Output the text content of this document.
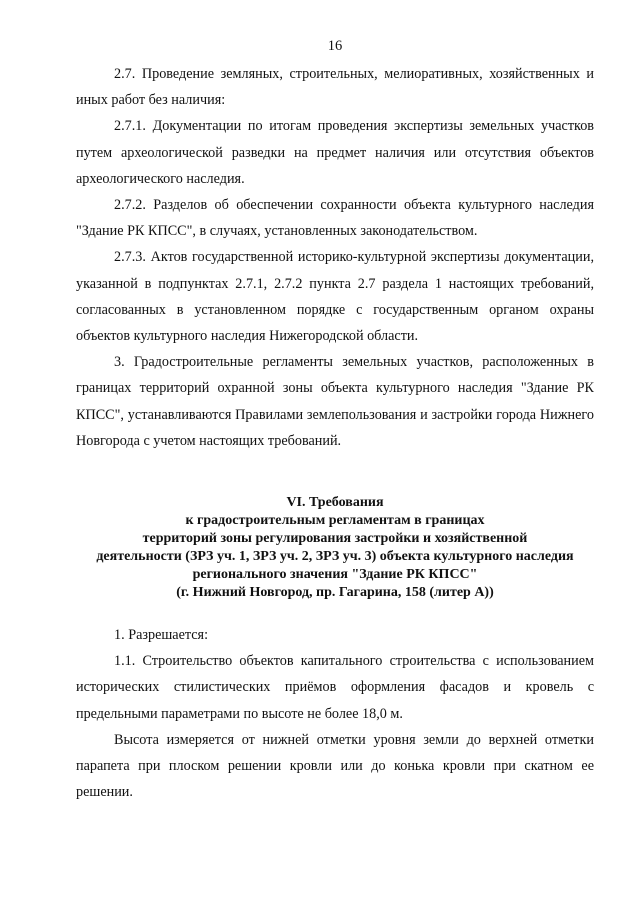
16

2.7. Проведение земляных, строительных, мелиоративных, хозяйственных и иных работ без наличия:

2.7.1. Документации по итогам проведения экспертизы земельных участков путем археологической разведки на предмет наличия или отсутствия объектов археологического наследия.

2.7.2. Разделов об обеспечении сохранности объекта культурного наследия "Здание РК КПСС", в случаях, установленных законодательством.

2.7.3. Актов государственной историко-культурной экспертизы документации, указанной в подпунктах 2.7.1, 2.7.2 пункта 2.7 раздела 1 настоящих требований, согласованных в установленном порядке с государственным органом охраны объектов культурного наследия Нижегородской области.

3. Градостроительные регламенты земельных участков, расположенных в границах территорий охранной зоны объекта культурного наследия "Здание РК КПСС", устанавливаются Правилами землепользования и застройки города Нижнего Новгорода с учетом настоящих требований.

VI. Требования
к градостроительным регламентам в границах
территорий зоны регулирования застройки и хозяйственной
деятельности (ЗРЗ уч. 1, ЗРЗ уч. 2, ЗРЗ уч. 3) объекта культурного наследия
регионального значения "Здание РК КПСС"
(г. Нижний Новгород, пр. Гагарина, 158 (литер А))

1. Разрешается:

1.1. Строительство объектов капитального строительства с использованием исторических стилистических приёмов оформления фасадов и кровель с предельными параметрами по высоте не более 18,0 м.

Высота измеряется от нижней отметки уровня земли до верхней отметки парапета при плоском решении кровли или до конька кровли при скатном ее решении.
